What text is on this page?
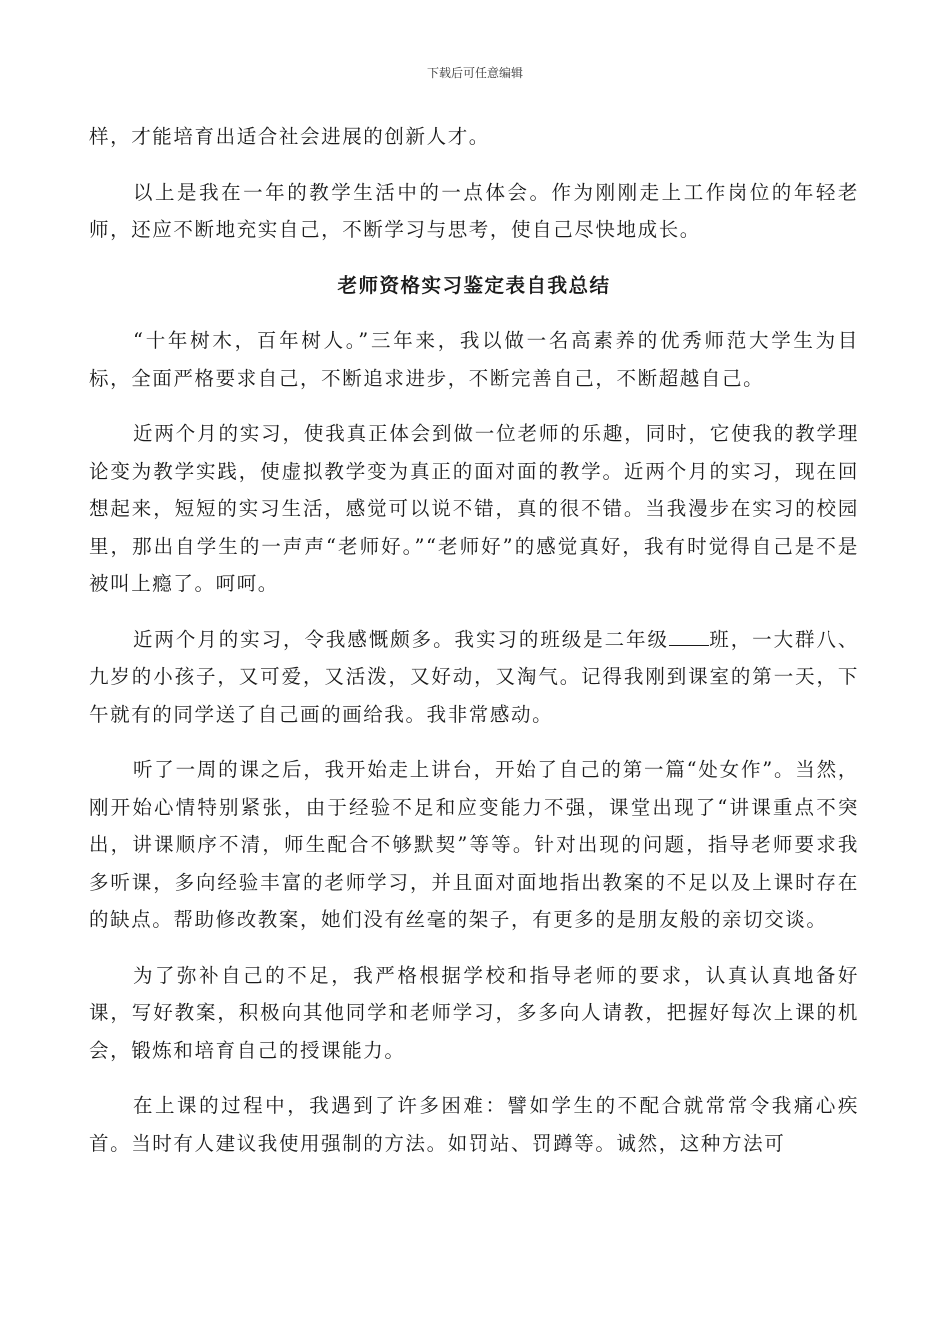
下载后可任意编辑

样，才能培育出适合社会进展的创新人才。

以上是我在一年的教学生活中的一点体会。作为刚刚走上工作岗位的年轻老师，还应不断地充实自己，不断学习与思考，使自己尽快地成长。

老师资格实习鉴定表自我总结

“十年树木，百年树人。”三年来，我以做一名高素养的优秀师范大学生为目标，全面严格要求自己，不断追求进步，不断完善自己，不断超越自己。

近两个月的实习，使我真正体会到做一位老师的乐趣，同时，它使我的教学理论变为教学实践，使虚拟教学变为真正的面对面的教学。近两个月的实习，现在回想起来，短短的实习生活，感觉可以说不错，真的很不错。当我漫步在实习的校园里，那出自学生的一声声“老师好。”“老师好”的感觉真好，我有时觉得自己是不是被叫上瘾了。呵呵。

近两个月的实习，令我感慨颇多。我实习的班级是二年级 班，一大群八、九岁的小孩子，又可爱，又活泼，又好动，又淘气。记得我刚到课室的第一天，下午就有的同学送了自己画的画给我。我非常感动。

听了一周的课之后，我开始走上讲台，开始了自己的第一篇“处女作”。当然，刚开始心情特别紧张，由于经验不足和应变能力不强，课堂出现了“讲课重点不突出，讲课顺序不清，师生配合不够默契”等等。针对出现的问题，指导老师要求我多听课，多向经验丰富的老师学习，并且面对面地指出教案的不足以及上课时存在的缺点。帮助修改教案，她们没有丝毫的架子，有更多的是朋友般的亲切交谈。

为了弥补自己的不足，我严格根据学校和指导老师的要求，认真认真地备好课，写好教案，积极向其他同学和老师学习，多多向人请教，把握好每次上课的机会，锻炼和培育自己的授课能力。

在上课的过程中，我遇到了许多困难：譬如学生的不配合就常常令我痛心疾首。当时有人建议我使用强制的方法。如罚站、罚蹲等。诚然，这种方法可
